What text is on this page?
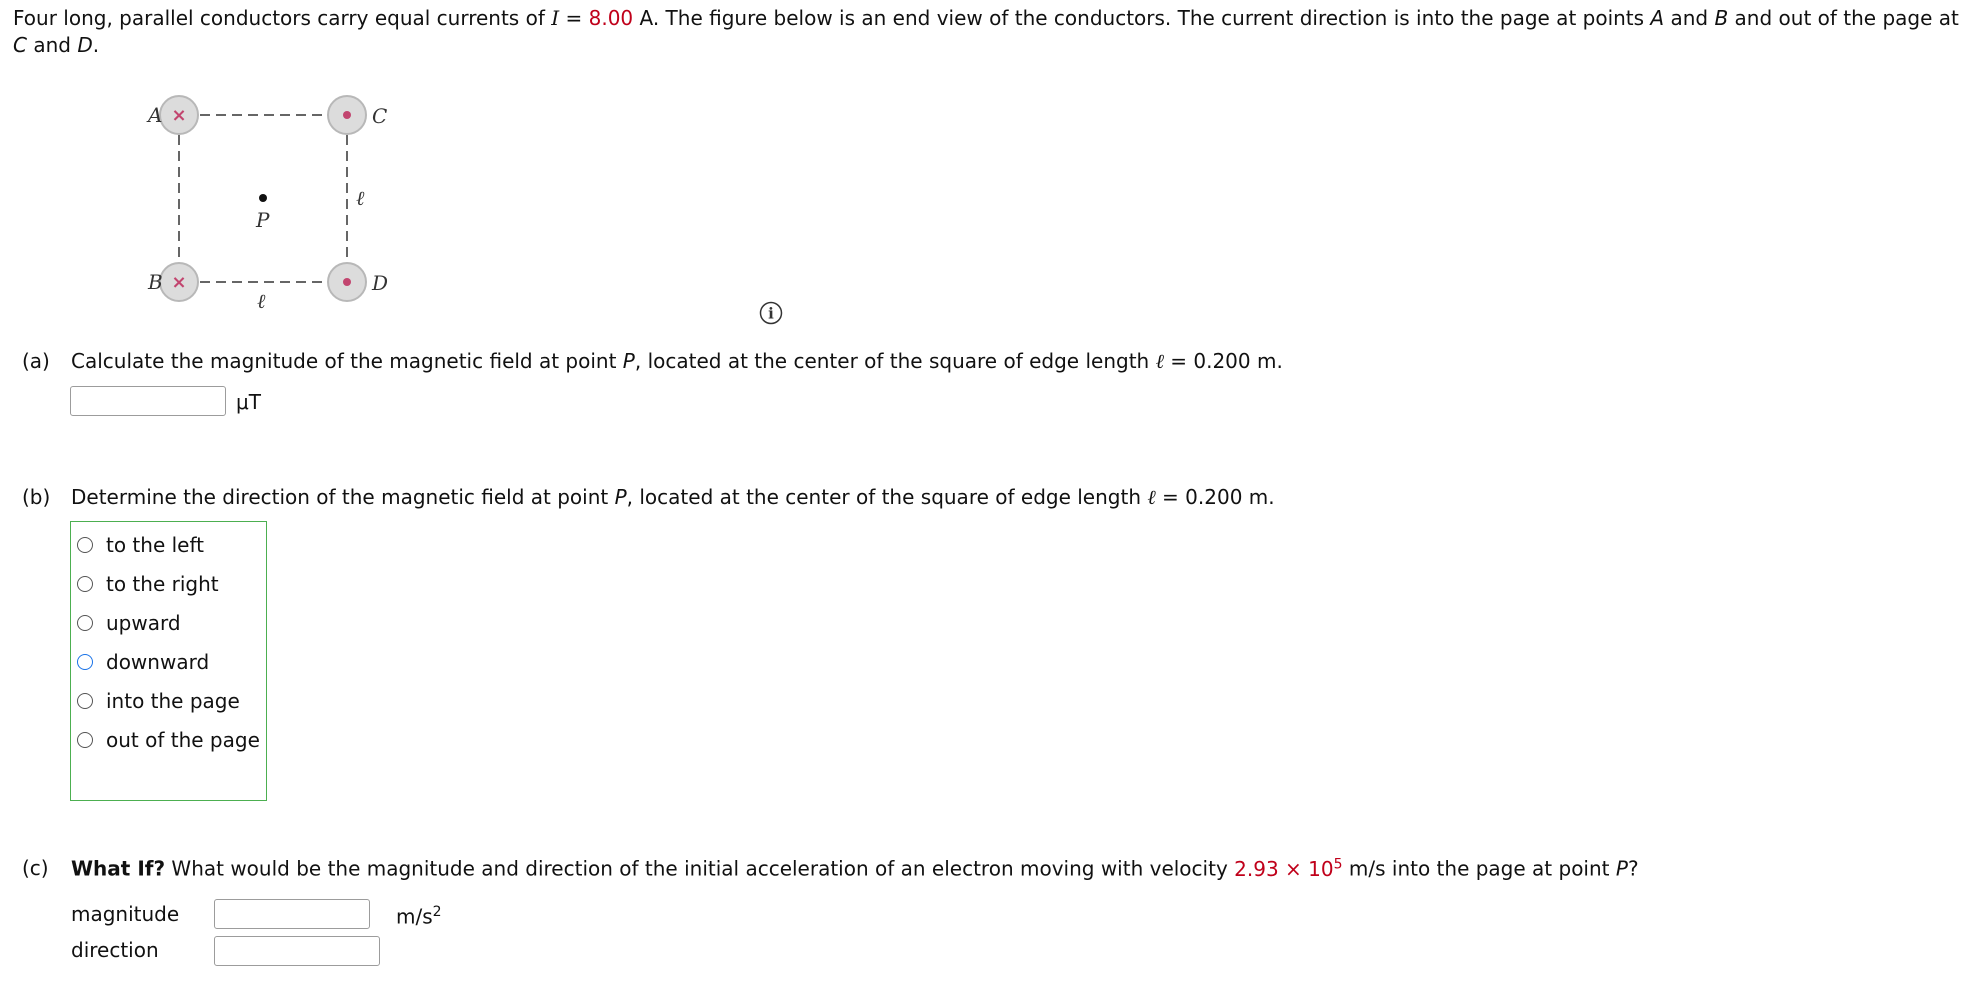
Four long, parallel conductors carry equal currents of I = 8.00 A. The figure below is an end view of the conductors. The current direction is into the page at points A and B and out of the page at C and D.
×
×
A
B
C
D
P
ℓ
ℓ
i
(a) Calculate the magnitude of the magnetic field at point P, located at the center of the square of edge length ℓ = 0.200 m.
μT
(b) Determine the direction of the magnetic field at point P, located at the center of the square of edge length ℓ = 0.200 m.
to the left
to the right
upward
downward
into the page
out of the page
(c) What If? What would be the magnitude and direction of the initial acceleration of an electron moving with velocity $2.93 \times 10^5$ m/s into the page at point P?
magnitude	$m/s^2$
direction
